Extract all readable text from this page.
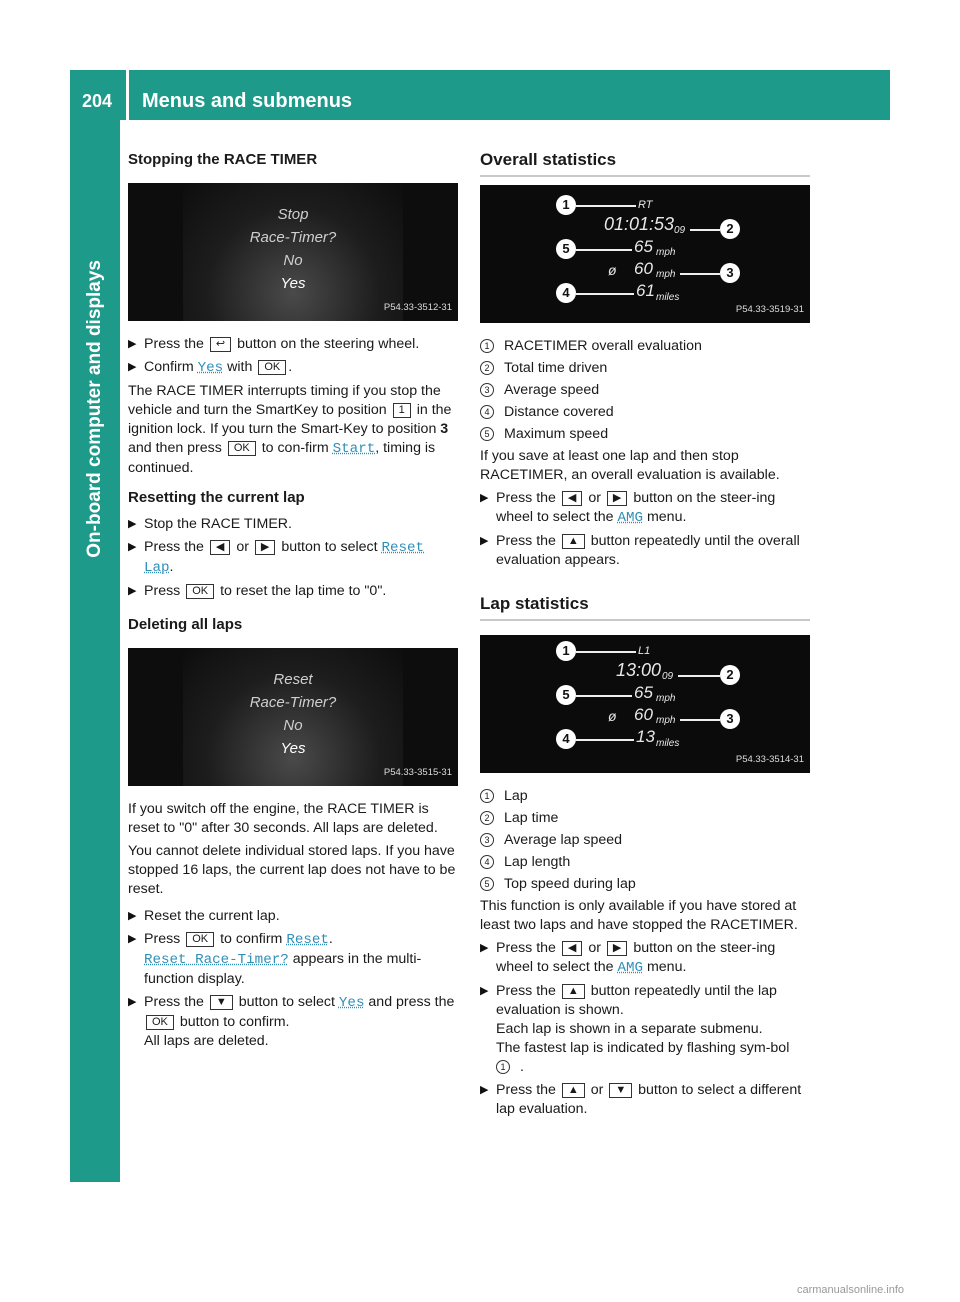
204 Menus and submenus
On-board computer and displays
Stopping the RACE TIMER
Stop
Race-Timer?
No
Yes
P54.33-3512-31
▶ Press the ↩ button on the steering wheel.
▶ Confirm Yes with OK .

The RACE TIMER interrupts timing if you stop the vehicle and turn the SmartKey to position 1 in the ignition lock. If you turn the Smart-Key to position 3 and then press OK to con-firm Start, timing is continued.

Resetting the current lap
▶ Stop the RACE TIMER.
▶ Press the ◀ or ▶ button to select Reset Lap.
▶ Press OK to reset the lap time to "0".
Deleting all laps
Reset
Race-Timer?
No
Yes
P54.33-3515-31

If you switch off the engine, the RACE TIMER is reset to "0" after 30 seconds. All laps are deleted.

You cannot delete individual stored laps. If you have stopped 16 laps, the current lap does not have to be reset.

▶ Reset the current lap.
▶ Press OK to confirm Reset.
Reset Race-Timer? appears in the multi-function display.
▶ Press the ▼ button to select Yes and press the OK button to confirm.
All laps are deleted.
Overall statistics
1	RT
01:01:53 09	2
5	65 mph
ø 60 mph	3
4	61 miles
P54.33-3519-31

1 RACETIMER overall evaluation

2 Total time driven

3 Average speed

4 Distance covered

5 Maximum speed

If you save at least one lap and then stop RACETIMER, an overall evaluation is available.

▶ Press the ◀ or ▶ button on the steer-ing wheel to select the AMG menu.
▶ Press the ▲ button repeatedly until the overall evaluation appears.
Lap statistics
1	L1
13:00 09	2
5	65 mph
ø 60 mph	3
4	13 miles
P54.33-3514-31

1 Lap

2 Lap time

3 Average lap speed

4 Lap length

5 Top speed during lap

This function is only available if you have stored at least two laps and have stopped the RACETIMER.

▶ Press the ◀ or ▶ button on the steer-ing wheel to select the AMG menu.
▶ Press the ▲ button repeatedly until the lap evaluation is shown.
Each lap is shown in a separate submenu.
The fastest lap is indicated by flashing sym-bol 1 .
▶ Press the ▲ or ▼ button to select a different lap evaluation.
carmanualsonline.info
